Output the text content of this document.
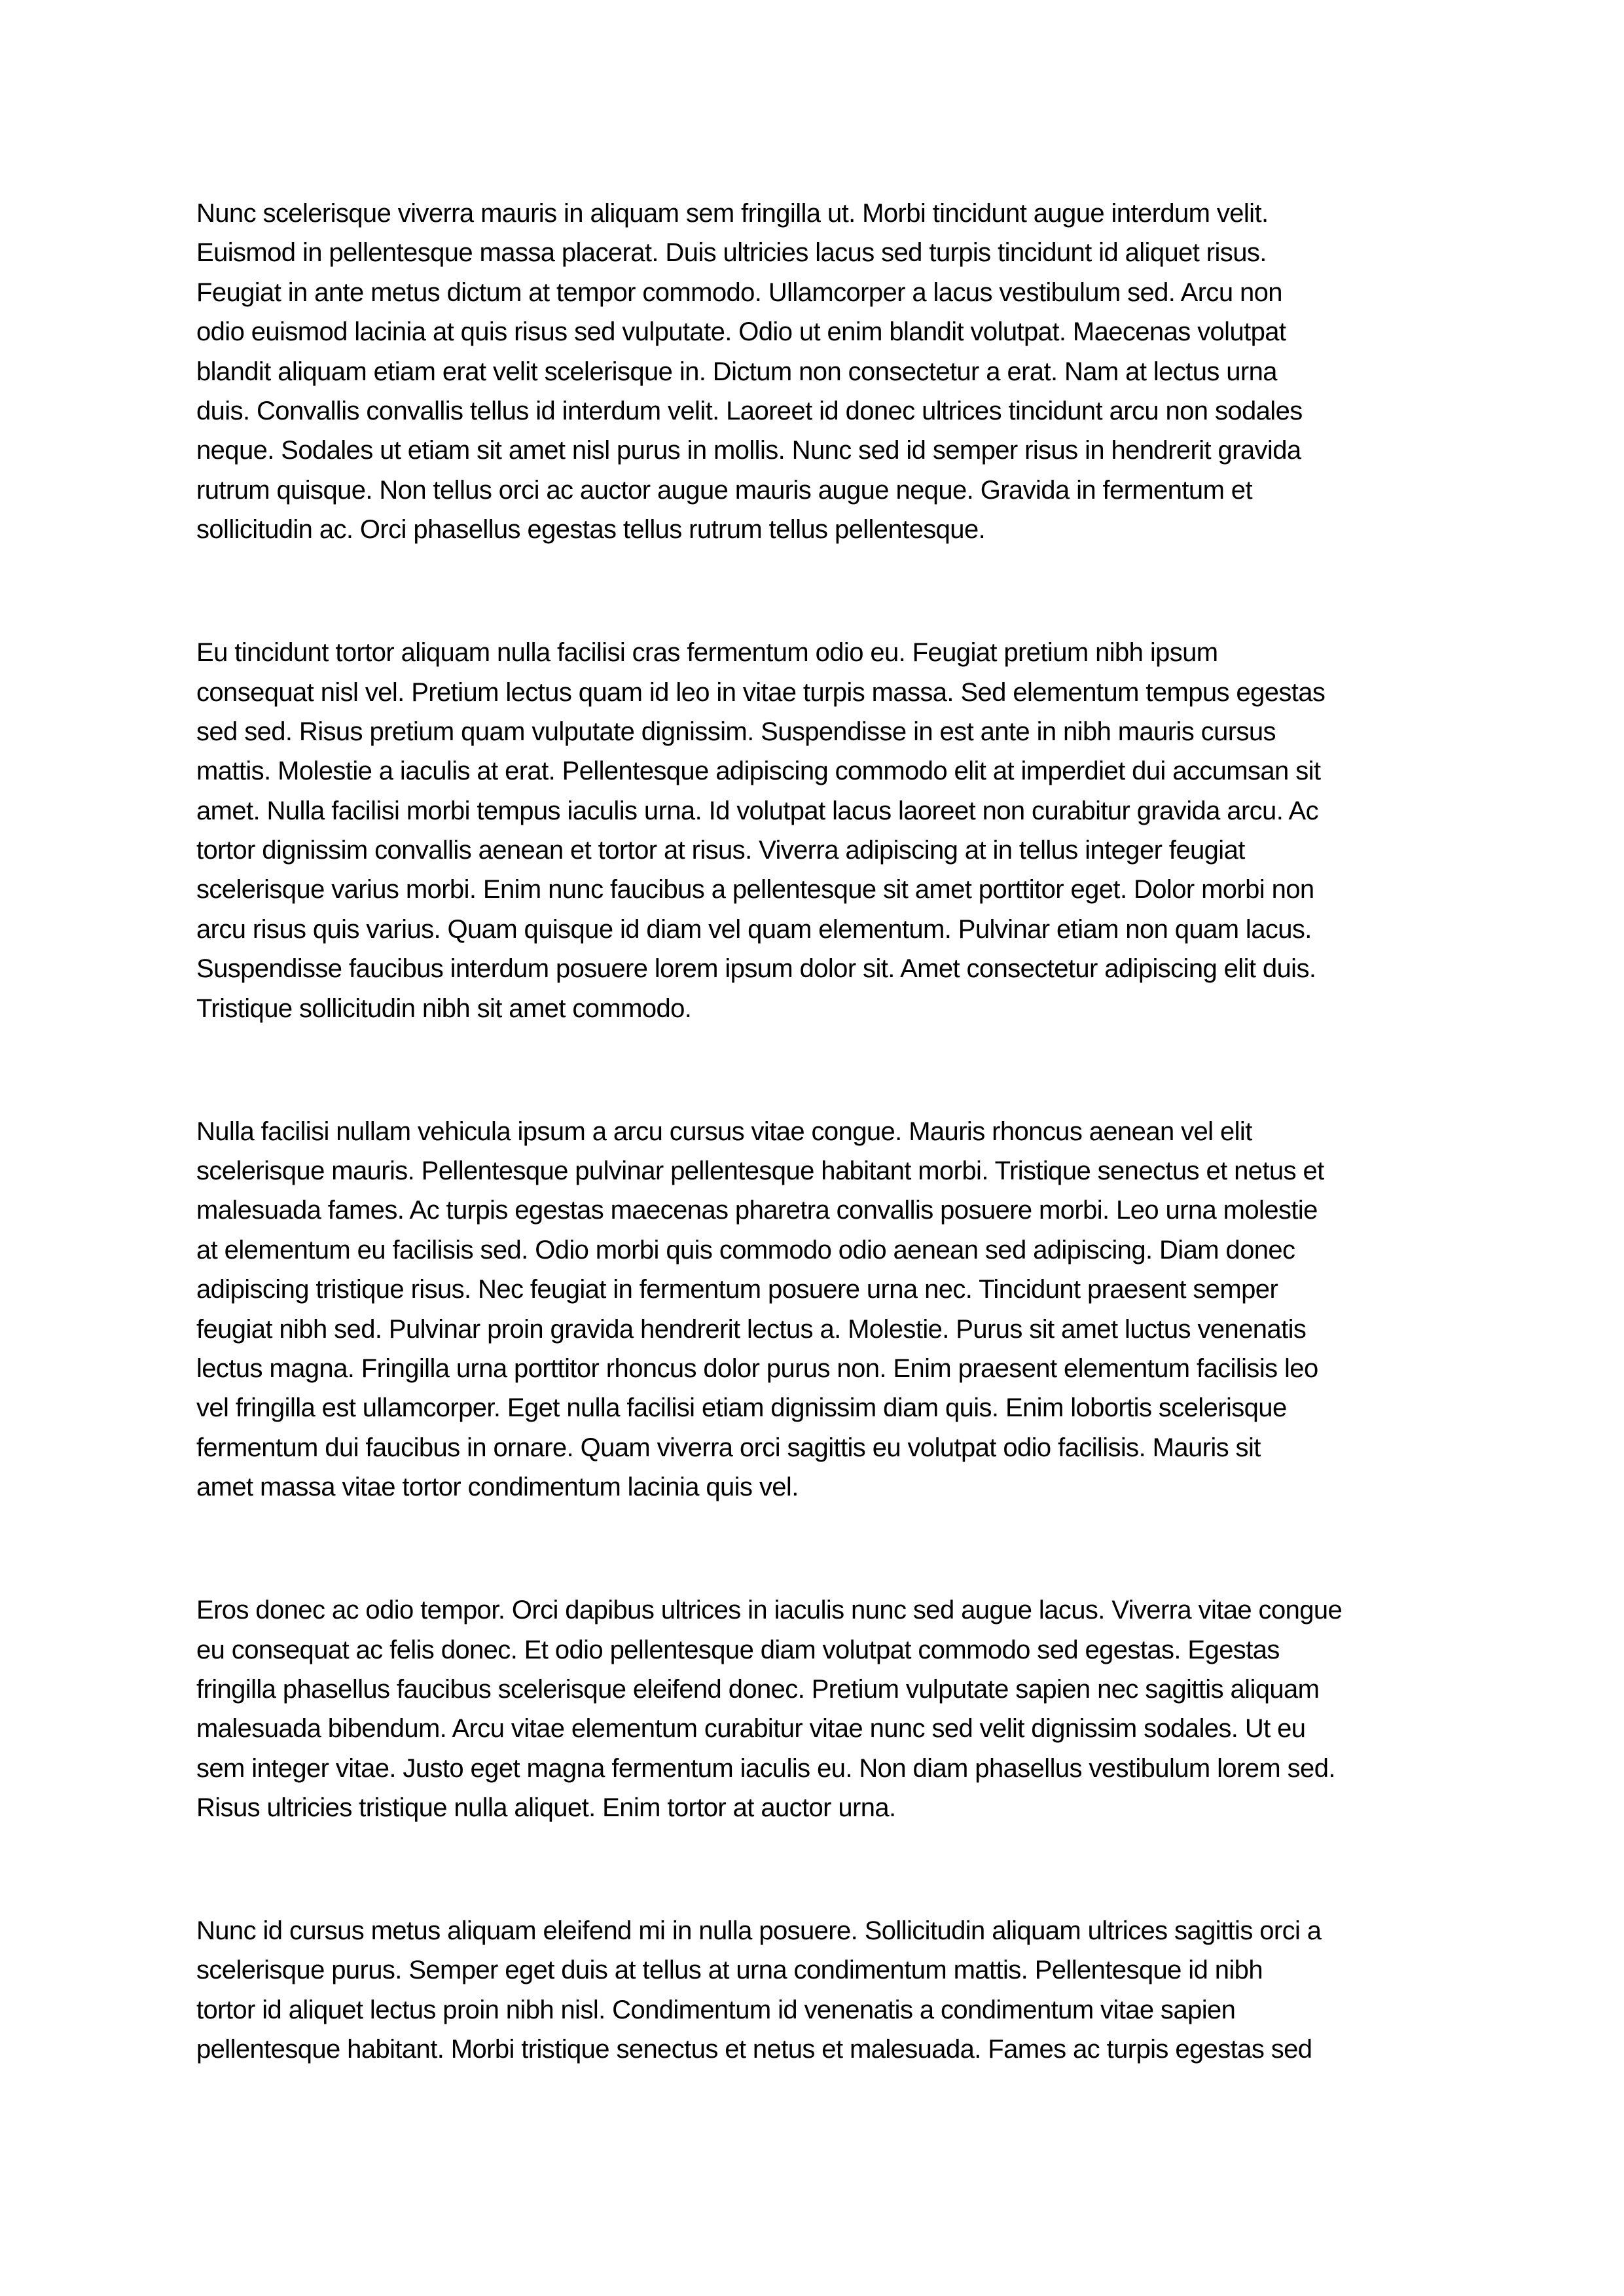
Nunc scelerisque viverra mauris in aliquam sem fringilla ut. Morbi tincidunt augue interdum velit.
Euismod in pellentesque massa placerat. Duis ultricies lacus sed turpis tincidunt id aliquet risus.
Feugiat in ante metus dictum at tempor commodo. Ullamcorper a lacus vestibulum sed. Arcu non
odio euismod lacinia at quis risus sed vulputate. Odio ut enim blandit volutpat. Maecenas volutpat
blandit aliquam etiam erat velit scelerisque in. Dictum non consectetur a erat. Nam at lectus urna
duis. Convallis convallis tellus id interdum velit. Laoreet id donec ultrices tincidunt arcu non sodales
neque. Sodales ut etiam sit amet nisl purus in mollis. Nunc sed id semper risus in hendrerit gravida
rutrum quisque. Non tellus orci ac auctor augue mauris augue neque. Gravida in fermentum et
sollicitudin ac. Orci phasellus egestas tellus rutrum tellus pellentesque.

Eu tincidunt tortor aliquam nulla facilisi cras fermentum odio eu. Feugiat pretium nibh ipsum
consequat nisl vel. Pretium lectus quam id leo in vitae turpis massa. Sed elementum tempus egestas
sed sed. Risus pretium quam vulputate dignissim. Suspendisse in est ante in nibh mauris cursus
mattis. Molestie a iaculis at erat. Pellentesque adipiscing commodo elit at imperdiet dui accumsan sit
amet. Nulla facilisi morbi tempus iaculis urna. Id volutpat lacus laoreet non curabitur gravida arcu. Ac
tortor dignissim convallis aenean et tortor at risus. Viverra adipiscing at in tellus integer feugiat
scelerisque varius morbi. Enim nunc faucibus a pellentesque sit amet porttitor eget. Dolor morbi non
arcu risus quis varius. Quam quisque id diam vel quam elementum. Pulvinar etiam non quam lacus.
Suspendisse faucibus interdum posuere lorem ipsum dolor sit. Amet consectetur adipiscing elit duis.
Tristique sollicitudin nibh sit amet commodo.

Nulla facilisi nullam vehicula ipsum a arcu cursus vitae congue. Mauris rhoncus aenean vel elit
scelerisque mauris. Pellentesque pulvinar pellentesque habitant morbi. Tristique senectus et netus et
malesuada fames. Ac turpis egestas maecenas pharetra convallis posuere morbi. Leo urna molestie
at elementum eu facilisis sed. Odio morbi quis commodo odio aenean sed adipiscing. Diam donec
adipiscing tristique risus. Nec feugiat in fermentum posuere urna nec. Tincidunt praesent semper
feugiat nibh sed. Pulvinar proin gravida hendrerit lectus a. Molestie. Purus sit amet luctus venenatis
lectus magna. Fringilla urna porttitor rhoncus dolor purus non. Enim praesent elementum facilisis leo
vel fringilla est ullamcorper. Eget nulla facilisi etiam dignissim diam quis. Enim lobortis scelerisque
fermentum dui faucibus in ornare. Quam viverra orci sagittis eu volutpat odio facilisis. Mauris sit
amet massa vitae tortor condimentum lacinia quis vel.

Eros donec ac odio tempor. Orci dapibus ultrices in iaculis nunc sed augue lacus. Viverra vitae congue
eu consequat ac felis donec. Et odio pellentesque diam volutpat commodo sed egestas. Egestas
fringilla phasellus faucibus scelerisque eleifend donec. Pretium vulputate sapien nec sagittis aliquam
malesuada bibendum. Arcu vitae elementum curabitur vitae nunc sed velit dignissim sodales. Ut eu
sem integer vitae. Justo eget magna fermentum iaculis eu. Non diam phasellus vestibulum lorem sed.
Risus ultricies tristique nulla aliquet. Enim tortor at auctor urna.

Nunc id cursus metus aliquam eleifend mi in nulla posuere. Sollicitudin aliquam ultrices sagittis orci a
scelerisque purus. Semper eget duis at tellus at urna condimentum mattis. Pellentesque id nibh
tortor id aliquet lectus proin nibh nisl. Condimentum id venenatis a condimentum vitae sapien
pellentesque habitant. Morbi tristique senectus et netus et malesuada. Fames ac turpis egestas sed
